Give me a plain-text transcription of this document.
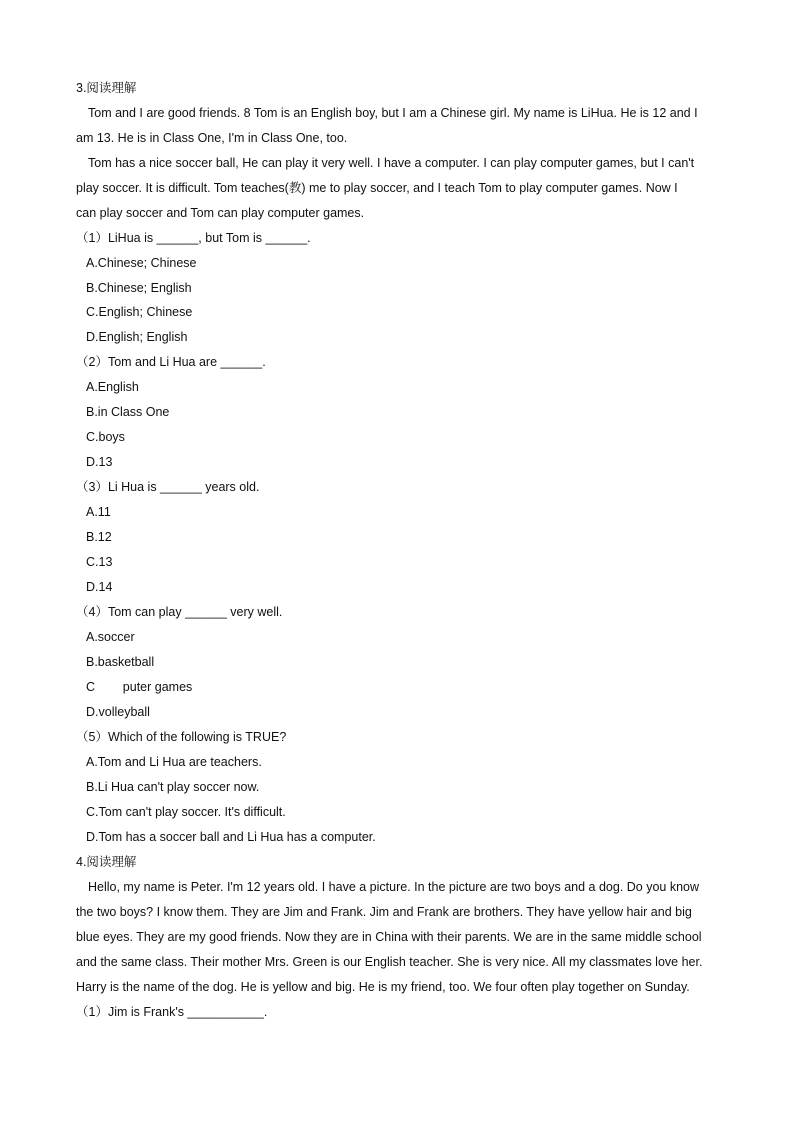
3.阅读理解
Tom and I are good friends. 8 Tom is an English boy, but I am a Chinese girl. My name is LiHua. He is 12 and I
am 13. He is in Class One, I'm in Class One, too.
Tom has a nice soccer ball, He can play it very well. I have a computer. I can play computer games, but I can't
play soccer. It is difficult. Tom teaches(教) me to play soccer, and I teach Tom to play computer games. Now I
can play soccer and Tom can play computer games.
（1）LiHua is ______, but Tom is ______.
A.Chinese; Chinese
B.Chinese; English
C.English; Chinese
D.English; English
（2）Tom and Li Hua are ______.
A.English
B.in Class One
C.boys
D.13
（3）Li Hua is ______ years old.
A.11
B.12
C.13
D.14
（4）Tom can play ______ very well.
A.soccer
B.basketball
C        puter games
D.volleyball
（5）Which of the following is TRUE?
A.Tom and Li Hua are teachers.
B.Li Hua can't play soccer now.
C.Tom can't play soccer. It's difficult.
D.Tom has a soccer ball and Li Hua has a computer.
4.阅读理解
Hello, my name is Peter. I'm 12 years old. I have a picture. In the picture are two boys and a dog. Do you know
the two boys? I know them. They are Jim and Frank. Jim and Frank are brothers. They have yellow hair and big
blue eyes. They are my good friends. Now they are in China with their parents. We are in the same middle school
and the same class. Their mother Mrs. Green is our English teacher. She is very nice. All my classmates love her.
Harry is the name of the dog. He is yellow and big. He is my friend, too. We four often play together on Sunday.
（1）Jim is Frank's ___________.
